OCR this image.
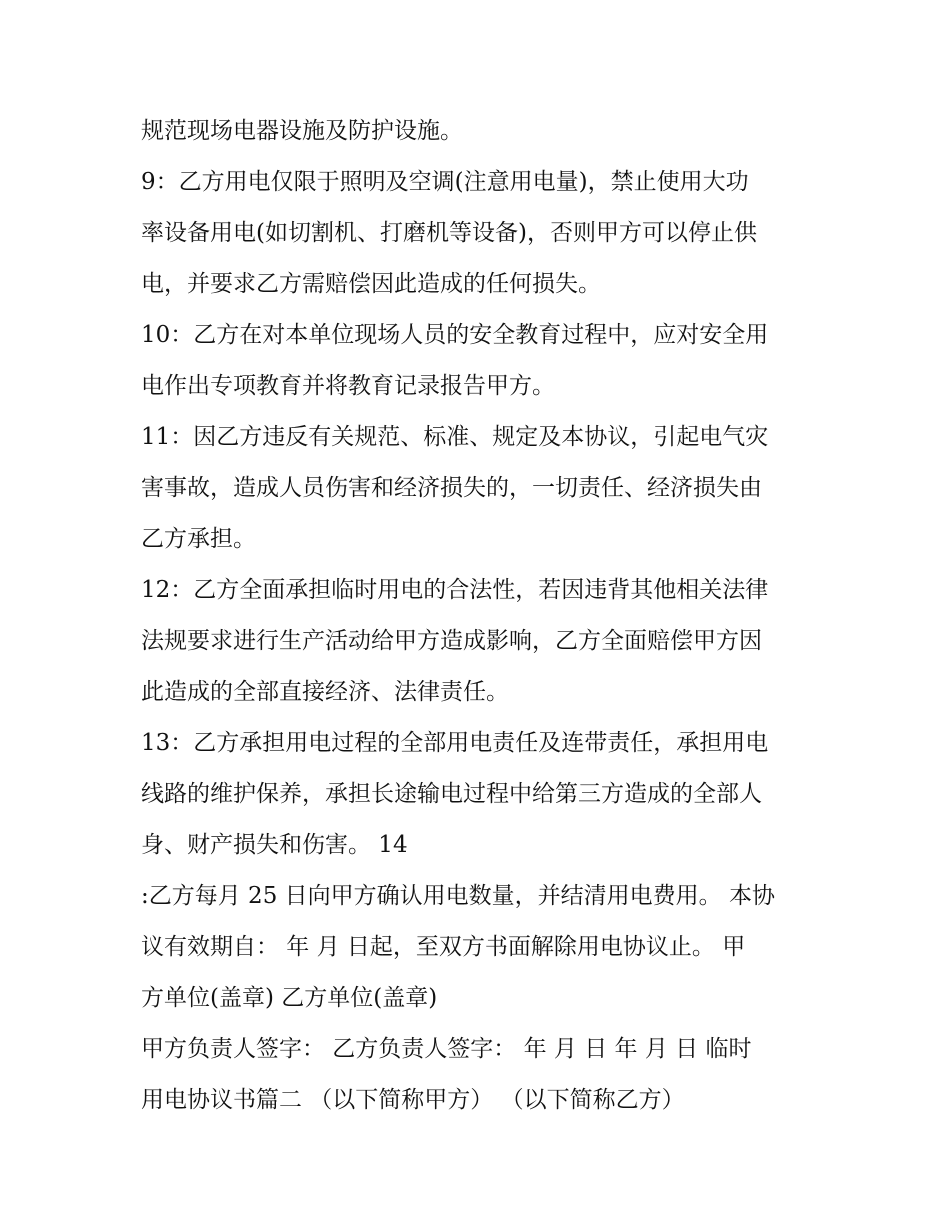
规范现场电器设施及防护设施。
9：乙方用电仅限于照明及空调(注意用电量)，禁止使用大功
率设备用电(如切割机、打磨机等设备)，否则甲方可以停止供
电，并要求乙方需赔偿因此造成的任何损失。
10：乙方在对本单位现场人员的安全教育过程中，应对安全用
电作出专项教育并将教育记录报告甲方。
11：因乙方违反有关规范、标准、规定及本协议，引起电气灾
害事故，造成人员伤害和经济损失的，一切责任、经济损失由
乙方承担。
12：乙方全面承担临时用电的合法性，若因违背其他相关法律
法规要求进行生产活动给甲方造成影响，乙方全面赔偿甲方因
此造成的全部直接经济、法律责任。
13：乙方承担用电过程的全部用电责任及连带责任，承担用电
线路的维护保养，承担长途输电过程中给第三方造成的全部人
身、财产损失和伤害。 14
:乙方每月 25 日向甲方确认用电数量，并结清用电费用。 本协
议有效期自： 年 月 日起，至双方书面解除用电协议止。 甲
方单位(盖章) 乙方单位(盖章)
甲方负责人签字： 乙方负责人签字： 年 月 日 年 月 日 临时
用电协议书篇二 （以下简称甲方） （以下简称乙方）
